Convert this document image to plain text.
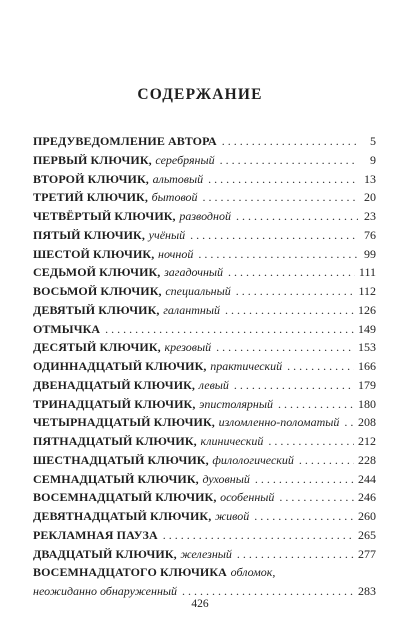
СОДЕРЖАНИЕ
ПРЕДУВЕДОМЛЕНИЕ АВТОРА . . .	5
ПЕРВЫЙ КЛЮЧИК, серебряный . . .	9
ВТОРОЙ КЛЮЧИК, альтовый . . .	13
ТРЕТИЙ КЛЮЧИК, бытовой . . .	20
ЧЕТВЁРТЫЙ КЛЮЧИК, разводной . . .	23
ПЯТЫЙ КЛЮЧИК, учёный . . .	76
ШЕСТОЙ КЛЮЧИК, ночной . . .	99
СЕДЬМОЙ КЛЮЧИК, загадочный . . .	111
ВОСЬМОЙ КЛЮЧИК, специальный . . .	112
ДЕВЯТЫЙ КЛЮЧИК, галантный . . .	126
ОТМЫЧКА . . .	149
ДЕСЯТЫЙ КЛЮЧИК, крезовый . . .	153
ОДИННАДЦАТЫЙ КЛЮЧИК, практический . . .	166
ДВЕНАДЦАТЫЙ КЛЮЧИК, левый . . .	179
ТРИНАДЦАТЫЙ КЛЮЧИК, эпистолярный . . .	180
ЧЕТЫРНАДЦАТЫЙ КЛЮЧИК, изломленно-поломатый . . . 208
ПЯТНАДЦАТЫЙ КЛЮЧИК, клинический . . .	212
ШЕСТНАДЦАТЫЙ КЛЮЧИК, филологический . . .	228
СЕМНАДЦАТЫЙ КЛЮЧИК, духовный . . .	244
ВОСЕМНАДЦАТЫЙ КЛЮЧИК, особенный . . .	246
ДЕВЯТНАДЦАТЫЙ КЛЮЧИК, живой . . .	260
РЕКЛАМНАЯ ПАУЗА . . .	265
ДВАДЦАТЫЙ КЛЮЧИК, железный . . .	277
ВОСЕМНАДЦАТОГО КЛЮЧИКА обломок,
неожиданно обнаруженный . . .	283
426
